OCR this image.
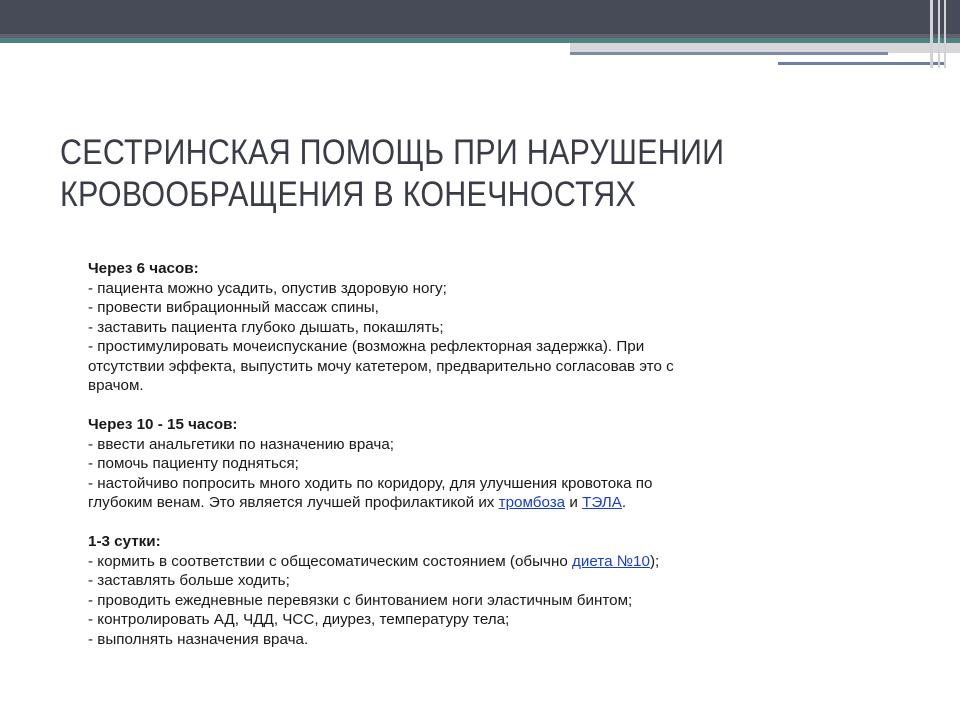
СЕСТРИНСКАЯ ПОМОЩЬ ПРИ НАРУШЕНИИ
КРОВООБРАЩЕНИЯ В КОНЕЧНОСТЯХ
Через 6 часов:
- пациента можно усадить, опустив здоровую ногу;
- провести вибрационный массаж спины,
- заставить пациента глубоко дышать, покашлять;
- простимулировать мочеиспускание (возможна рефлекторная задержка). При
отсутствии эффекта, выпустить мочу катетером, предварительно согласовав это с
врачом.
Через 10 - 15 часов:
- ввести анальгетики по назначению врача;
- помочь пациенту подняться;
- настойчиво попросить много ходить по коридору, для улучшения кровотока по
глубоким венам. Это является лучшей профилактикой их тромбоза и ТЭЛА.
1-3 сутки:
- кормить в соответствии с общесоматическим состоянием (обычно диета №10);
- заставлять больше ходить;
- проводить ежедневные перевязки с бинтованием ноги эластичным бинтом;
- контролировать АД, ЧДД, ЧСС, диурез, температуру тела;
- выполнять назначения врача.
